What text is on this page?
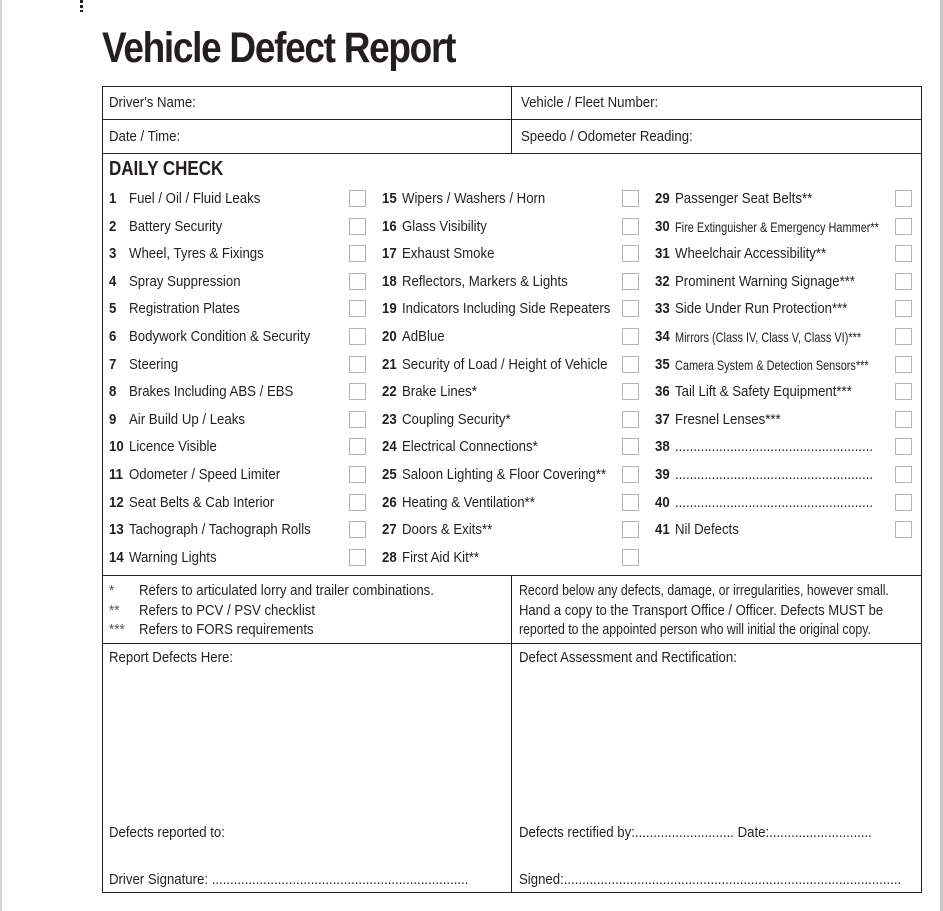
Vehicle Defect Report
Driver's Name:	Vehicle / Fleet Number:
Date / Time:	Speedo / Odometer Reading:
DAILY CHECK
1 Fuel / Oil / Fluid Leaks
2 Battery Security
3 Wheel, Tyres & Fixings
4 Spray Suppression
5 Registration Plates
6 Bodywork Condition & Security
7 Steering
8 Brakes Including ABS / EBS
9 Air Build Up / Leaks
10 Licence Visible
11 Odometer / Speed Limiter
12 Seat Belts & Cab Interior
13 Tachograph / Tachograph Rolls
14 Warning Lights
15 Wipers / Washers / Horn
16 Glass Visibility
17 Exhaust Smoke
18 Reflectors, Markers & Lights
19 Indicators Including Side Repeaters
20 AdBlue
21 Security of Load / Height of Vehicle
22 Brake Lines*
23 Coupling Security*
24 Electrical Connections*
25 Saloon Lighting & Floor Covering**
26 Heating & Ventilation**
27 Doors & Exits**
28 First Aid Kit**
29 Passenger Seat Belts**
30 Fire Extinguisher & Emergency Hammer**
31 Wheelchair Accessibility**
32 Prominent Warning Signage***
33 Side Under Run Protection***
34 Mirrors (Class IV, Class V, Class VI)***
35 Camera System & Detection Sensors***
36 Tail Lift & Safety Equipment***
37 Fresnel Lenses***
38 ......................................................
39 ......................................................
40 ......................................................
41 Nil Defects
* Refers to articulated lorry and trailer combinations.
** Refers to PCV / PSV checklist
*** Refers to FORS requirements
Record below any defects, damage, or irregularities, however small.
Hand a copy to the Transport Office / Officer. Defects MUST be
reported to the appointed person who will initial the original copy.
Report Defects Here:	Defect Assessment and Rectification:
Defects reported to:	Defects rectified by:........................... Date:............................
Driver Signature: ......................................................................	Signed:............................................................................................
